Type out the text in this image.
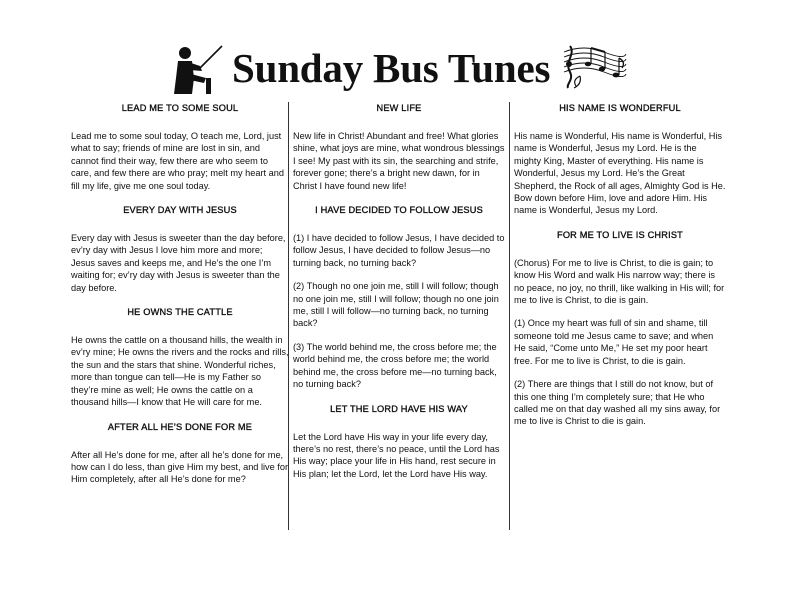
Sunday Bus Tunes
LEAD ME TO SOME SOUL

Lead me to some soul today, O teach me, Lord, just what to say; friends of mine are lost in sin, and cannot find their way, few there are who seem to care, and few there are who pray; melt my heart and fill my life, give me one soul today.

EVERY DAY WITH JESUS

Every day with Jesus is sweeter than the day before, ev’ry day with Jesus I love him more and more; Jesus saves and keeps me, and He’s the one I’m waiting for; ev’ry day with Jesus is sweeter than the day before.

HE OWNS THE CATTLE

He owns the cattle on a thousand hills, the wealth in ev’ry mine; He owns the rivers and the rocks and rills, the sun and the stars that shine. Wonderful riches, more than tongue can tell—He is my Father so they’re mine as well; He owns the cattle on a thousand hills—I know that He will care for me.

AFTER ALL HE’S DONE FOR ME

After all He’s done for me, after all he’s done for me, how can I do less, than give Him my best, and live for Him completely, after all He’s done for me?

NEW LIFE

New life in Christ! Abundant and free! What glories shine, what joys are mine, what wondrous blessings I see! My past with its sin, the searching and strife, forever gone; there’s a bright new dawn, for in Christ I have found new life!

I HAVE DECIDED TO FOLLOW JESUS

(1) I have decided to follow Jesus, I have decided to follow Jesus, I have decided to follow Jesus—no turning back, no turning back?

(2) Though no one join me, still I will follow; though no one join me, still I will follow; though no one join me, still I will follow—no turning back, no turning back?

(3) The world behind me, the cross before me; the world behind me, the cross before me; the world behind me, the cross before me—no turning back, no turning back?

LET THE LORD HAVE HIS WAY

Let the Lord have His way in your life every day, there’s no rest, there’s no peace, until the Lord has His way; place your life in His hand, rest secure in His plan; let the Lord, let the Lord have His way.

HIS NAME IS WONDERFUL

His name is Wonderful, His name is Wonderful, His name is Wonderful, Jesus my Lord. He is the mighty King, Master of everything. His name is Wonderful, Jesus my Lord. He’s the Great Shepherd, the Rock of all ages, Almighty God is He. Bow down before Him, love and adore Him. His name is Wonderful, Jesus my Lord.

FOR ME TO LIVE IS CHRIST

(Chorus) For me to live is Christ, to die is gain; to know His Word and walk His narrow way; there is no peace, no joy, no thrill, like walking in His will; for me to live is Christ, to die is gain.

(1) Once my heart was full of sin and shame, till someone told me Jesus came to save; and when He said, “Come unto Me,” He set my poor heart free. For me to live is Christ, to die is gain.

(2) There are things that I still do not know, but of this one thing I’m completely sure; that He who called me on that day washed all my sins away, for me to live is Christ to die is gain.
